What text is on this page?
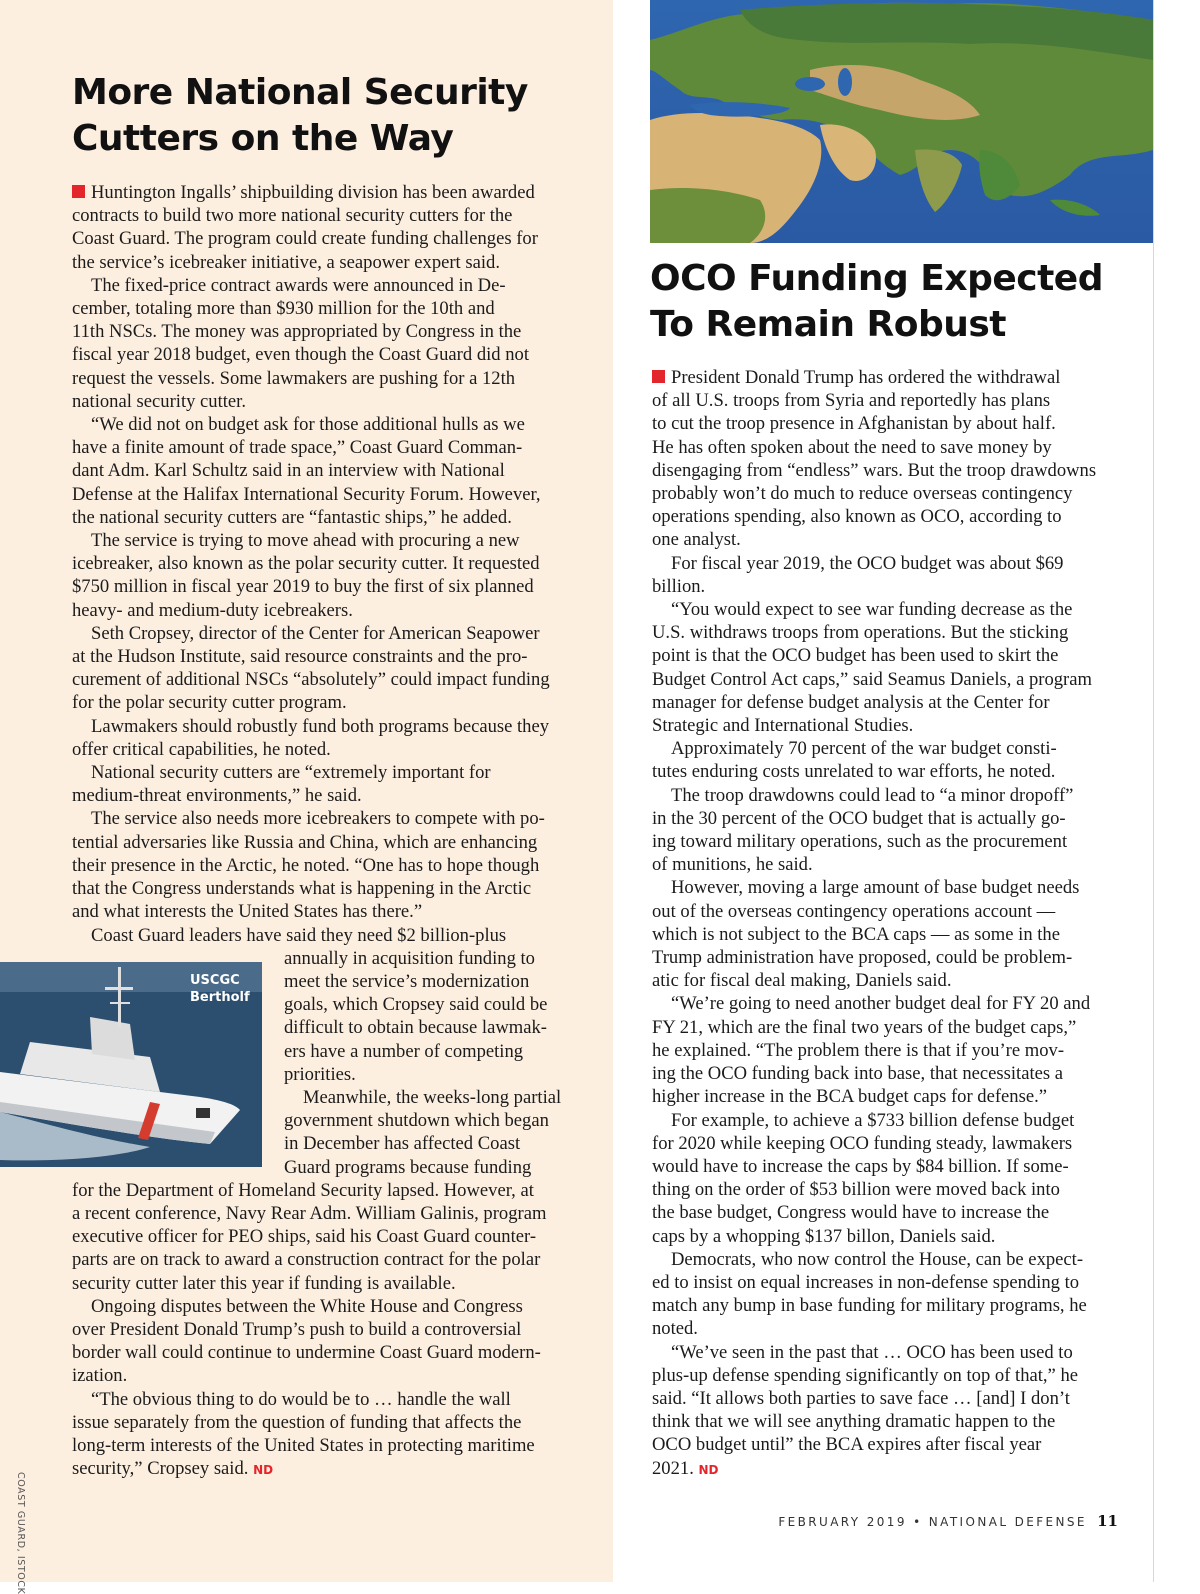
More National Security
Cutters on the Way

Huntington Ingalls’ shipbuilding division has been awarded
contracts to build two more national security cutters for the
Coast Guard. The program could create funding challenges for
the service’s icebreaker initiative, a seapower expert said.

The fixed-price contract awards were announced in De-
cember, totaling more than $930 million for the 10th and
11th NSCs. The money was appropriated by Congress in the
fiscal year 2018 budget, even though the Coast Guard did not
request the vessels. Some lawmakers are pushing for a 12th
national security cutter.

“We did not on budget ask for those additional hulls as we
have a finite amount of trade space,” Coast Guard Comman-
dant Adm. Karl Schultz said in an interview with National
Defense at the Halifax International Security Forum. However,
the national security cutters are “fantastic ships,” he added.

The service is trying to move ahead with procuring a new
icebreaker, also known as the polar security cutter. It requested
$750 million in fiscal year 2019 to buy the first of six planned
heavy- and medium-duty icebreakers.

Seth Cropsey, director of the Center for American Seapower
at the Hudson Institute, said resource constraints and the pro-
curement of additional NSCs “absolutely” could impact funding
for the polar security cutter program.

Lawmakers should robustly fund both programs because they
offer critical capabilities, he noted.

National security cutters are “extremely important for
medium-threat environments,” he said.

The service also needs more icebreakers to compete with po-
tential adversaries like Russia and China, which are enhancing
their presence in the Arctic, he noted. “One has to hope though
that the Congress understands what is happening in the Arctic
and what interests the United States has there.”

Coast Guard leaders have said they need $2 billion-plus

annually in acquisition funding to
meet the service’s modernization
goals, which Cropsey said could be
difficult to obtain because lawmak-
ers have a number of competing
priorities.

Meanwhile, the weeks-long partial
government shutdown which began
in December has affected Coast
Guard programs because funding

for the Department of Homeland Security lapsed. However, at
a recent conference, Navy Rear Adm. William Galinis, program
executive officer for PEO ships, said his Coast Guard counter-
parts are on track to award a construction contract for the polar
security cutter later this year if funding is available.

Ongoing disputes between the White House and Congress
over President Donald Trump’s push to build a controversial
border wall could continue to undermine Coast Guard modern-
ization.

“The obvious thing to do would be to … handle the wall
issue separately from the question of funding that affects the
long-term interests of the United States in protecting maritime
security,” Cropsey said. ND

USCGC
Bertholf
COAST GUARD, ISTOCK
OCO Funding Expected
To Remain Robust

President Donald Trump has ordered the withdrawal
of all U.S. troops from Syria and reportedly has plans
to cut the troop presence in Afghanistan by about half.
He has often spoken about the need to save money by
disengaging from “endless” wars. But the troop drawdowns
probably won’t do much to reduce overseas contingency
operations spending, also known as OCO, according to
one analyst.

For fiscal year 2019, the OCO budget was about $69
billion.

“You would expect to see war funding decrease as the
U.S. withdraws troops from operations. But the sticking
point is that the OCO budget has been used to skirt the
Budget Control Act caps,” said Seamus Daniels, a program
manager for defense budget analysis at the Center for
Strategic and International Studies.

Approximately 70 percent of the war budget consti-
tutes enduring costs unrelated to war efforts, he noted.

The troop drawdowns could lead to “a minor dropoff”
in the 30 percent of the OCO budget that is actually go-
ing toward military operations, such as the procurement
of munitions, he said.

However, moving a large amount of base budget needs
out of the overseas contingency operations account —
which is not subject to the BCA caps — as some in the
Trump administration have proposed, could be problem-
atic for fiscal deal making, Daniels said.

“We’re going to need another budget deal for FY 20 and
FY 21, which are the final two years of the budget caps,”
he explained. “The problem there is that if you’re mov-
ing the OCO funding back into base, that necessitates a
higher increase in the BCA budget caps for defense.”

For example, to achieve a $733 billion defense budget
for 2020 while keeping OCO funding steady, lawmakers
would have to increase the caps by $84 billion. If some-
thing on the order of $53 billion were moved back into
the base budget, Congress would have to increase the
caps by a whopping $137 billon, Daniels said.

Democrats, who now control the House, can be expect-
ed to insist on equal increases in non-defense spending to
match any bump in base funding for military programs, he
noted.

“We’ve seen in the past that … OCO has been used to
plus-up defense spending significantly on top of that,” he
said. “It allows both parties to save face … [and] I don’t
think that we will see anything dramatic happen to the
OCO budget until” the BCA expires after fiscal year
2021. ND

FEBRUARY 2019 • NATIONAL DEFENSE 11
